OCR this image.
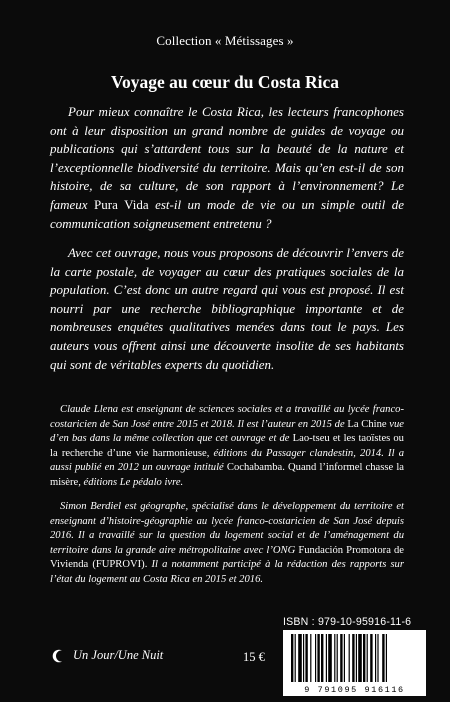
Collection « Métissages »
Voyage au cœur du Costa Rica

Pour mieux connaître le Costa Rica, les lecteurs francophones ont à leur disposition un grand nombre de guides de voyage ou publications qui s’attardent tous sur la beauté de la nature et l’exceptionnelle biodiversité du territoire. Mais qu’en est-il de son histoire, de sa culture, de son rapport à l’environnement? Le fameux Pura Vida est-il un mode de vie ou un simple outil de communication soigneusement entretenu ?

Avec cet ouvrage, nous vous proposons de découvrir l’envers de la carte postale, de voyager au cœur des pratiques sociales de la population. C’est donc un autre regard qui vous est proposé. Il est nourri par une recherche bibliographique importante et de nombreuses enquêtes qualitatives menées dans tout le pays. Les auteurs vous offrent ainsi une découverte insolite de ses habitants qui sont de véritables experts du quotidien.

Claude Llena est enseignant de sciences sociales et a travaillé au lycée franco-costaricien de San José entre 2015 et 2018. Il est l’auteur en 2015 de La Chine vue d’en bas dans la même collection que cet ouvrage et de Lao-tseu et les taoïstes ou la recherche d’une vie harmonieuse, éditions du Passager clandestin, 2014. Il a aussi publié en 2012 un ouvrage intitulé Cochabamba. Quand l’informel chasse la misère, éditions Le pédalo ivre.

Simon Berdiel est géographe, spécialisé dans le développement du territoire et enseignant d’histoire-géographie au lycée franco-costaricien de San José depuis 2016. Il a travaillé sur la question du logement social et de l’aménagement du territoire dans la grande aire métropolitaine avec l’ONG Fundación Promotora de Vivienda (FUPROVI). Il a notamment participé à la rédaction des rapports sur l’état du logement au Costa Rica en 2015 et 2016.

Un Jour/Une Nuit	15 €
ISBN : 979-10-95916-11-6
9 791095 916116
